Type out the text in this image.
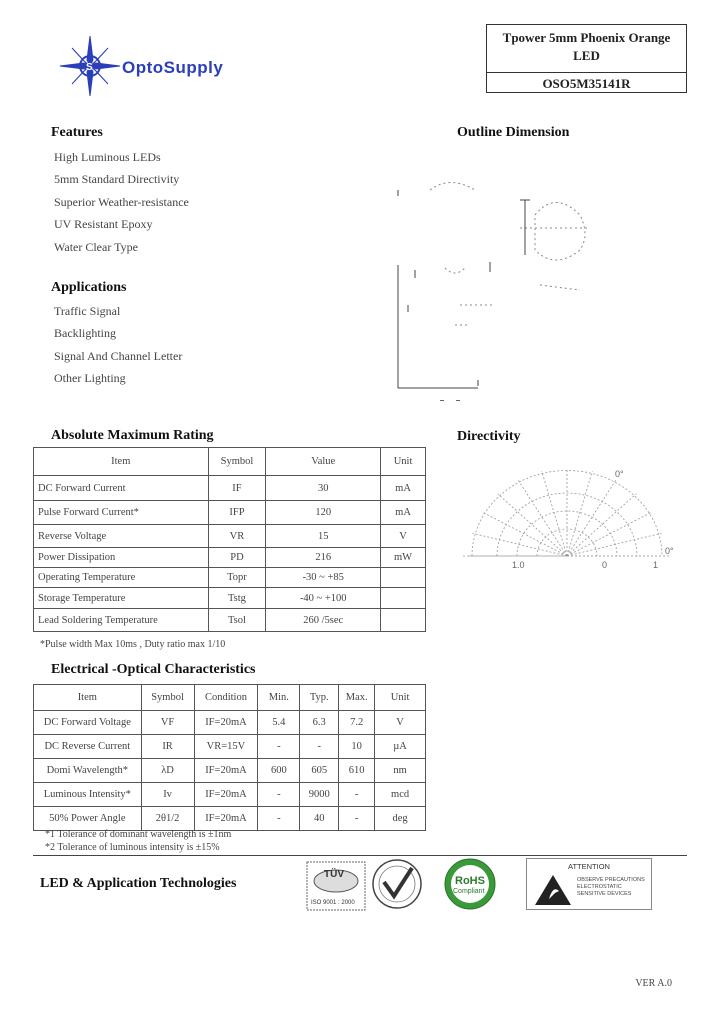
S OptoSupply
Tpower 5mm Phoenix Orange LED
OSO5M35141R
Features
High Luminous LEDs
5mm Standard Directivity
Superior Weather-resistance
UV Resistant Epoxy
Water Clear Type
Applications
Traffic Signal
Backlighting
Signal And Channel Letter
Other Lighting
Outline Dimension
Directivity
0°
0°
1.0	0	1
Absolute Maximum Rating
Item	Symbol	Value	Unit
DC Forward Current	IF	30	mA
Pulse Forward Current*	IFP	120	mA
Reverse Voltage	VR	15	V
Power Dissipation	PD	216	mW
Operating Temperature	Topr	-30 ~ +85	
Storage Temperature	Tstg	-40 ~ +100	
Lead Soldering Temperature	Tsol	260 /5sec	
*Pulse width Max 10ms , Duty ratio max 1/10
Electrical -Optical Characteristics
Item	Symbol	Condition	Min.	Typ.	Max.	Unit
DC Forward Voltage	VF	IF=20mA	5.4	6.3	7.2	V
DC Reverse Current	IR	VR=15V	-	-	10	µA
Domi Wavelength*	λD	IF=20mA	600	605	610	nm
Luminous Intensity*	Iv	IF=20mA	-	9000	-	mcd
50% Power Angle	2θ1/2	IF=20mA	-	40	-	deg
*1 Tolerance of dominant wavelength is ±1nm
*2 Tolerance of luminous intensity is ±15%
LED & Application Technologies
TÜV
ISO 9001 : 2000
RoHS
Compliant
ATTENTION
OBSERVE PRECAUTIONS
ELECTROSTATIC
SENSITIVE DEVICES
VER A.0
